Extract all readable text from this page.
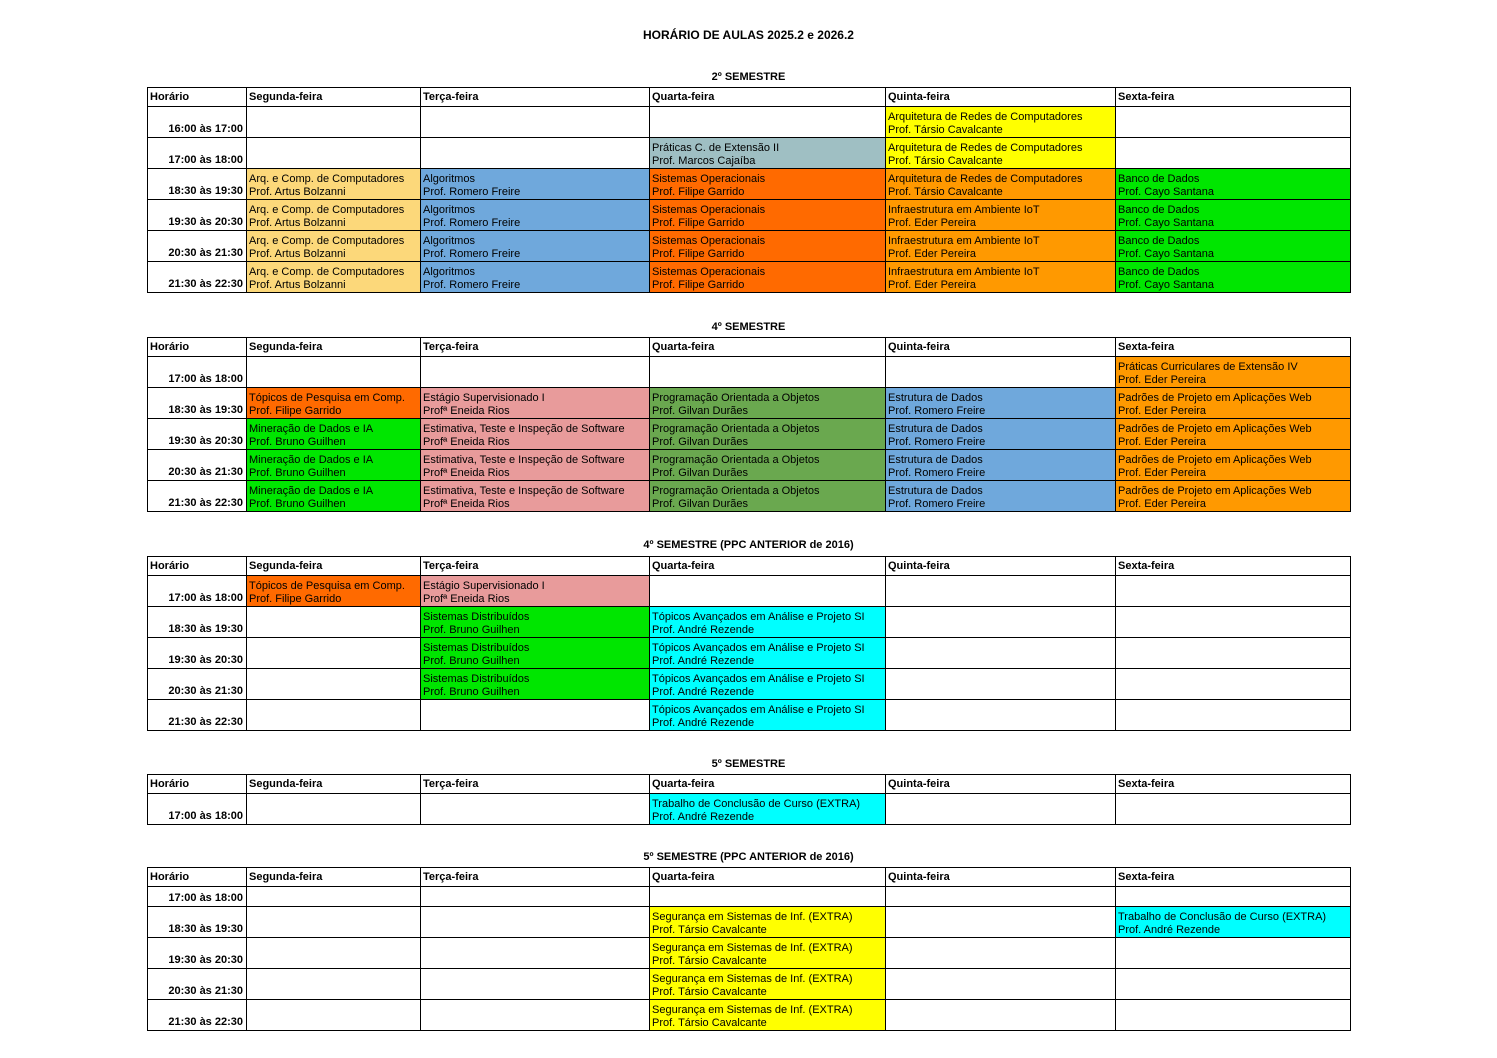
HORÁRIO DE AULAS 2025.2 e 2026.2
2º SEMESTRE
Horário	Segunda-feira	Terça-feira	Quarta-feira	Quinta-feira	Sexta-feira
16:00 às 17:00				Arquitetura de Redes de Computadores
Prof. Társio Cavalcante	

17:00 às 18:00			Práticas C. de Extensão II
Prof. Marcos Cajaíba	Arquitetura de Redes de Computadores
Prof. Társio Cavalcante	

18:30 às 19:30	Arq. e Comp. de Computadores
Prof. Artus Bolzanni	Algoritmos
Prof. Romero Freire	Sistemas Operacionais
Prof. Filipe Garrido	Arquitetura de Redes de Computadores
Prof. Társio Cavalcante	Banco de Dados
Prof. Cayo Santana

19:30 às 20:30	Arq. e Comp. de Computadores
Prof. Artus Bolzanni	Algoritmos
Prof. Romero Freire	Sistemas Operacionais
Prof. Filipe Garrido	Infraestrutura em Ambiente IoT
Prof. Eder Pereira	Banco de Dados
Prof. Cayo Santana

20:30 às 21:30	Arq. e Comp. de Computadores
Prof. Artus Bolzanni	Algoritmos
Prof. Romero Freire	Sistemas Operacionais
Prof. Filipe Garrido	Infraestrutura em Ambiente IoT
Prof. Eder Pereira	Banco de Dados
Prof. Cayo Santana

21:30 às 22:30	Arq. e Comp. de Computadores
Prof. Artus Bolzanni	Algoritmos
Prof. Romero Freire	Sistemas Operacionais
Prof. Filipe Garrido	Infraestrutura em Ambiente IoT
Prof. Eder Pereira	Banco de Dados
Prof. Cayo Santana
4º SEMESTRE
Horário	Segunda-feira	Terça-feira	Quarta-feira	Quinta-feira	Sexta-feira
17:00 às 18:00					Práticas Curriculares de Extensão IV
Prof. Eder Pereira

18:30 às 19:30	Tópicos de Pesquisa em Comp.
Prof. Filipe Garrido	Estágio Supervisionado I
Profª Eneida Rios	Programação Orientada a Objetos
Prof. Gilvan Durães	Estrutura de Dados
Prof. Romero Freire	Padrões de Projeto em Aplicações Web
Prof. Eder Pereira

19:30 às 20:30	Mineração de Dados e IA
Prof. Bruno Guilhen	Estimativa, Teste e Inspeção de Software
Profª Eneida Rios	Programação Orientada a Objetos
Prof. Gilvan Durães	Estrutura de Dados
Prof. Romero Freire	Padrões de Projeto em Aplicações Web
Prof. Eder Pereira

20:30 às 21:30	Mineração de Dados e IA
Prof. Bruno Guilhen	Estimativa, Teste e Inspeção de Software
Profª Eneida Rios	Programação Orientada a Objetos
Prof. Gilvan Durães	Estrutura de Dados
Prof. Romero Freire	Padrões de Projeto em Aplicações Web
Prof. Eder Pereira

21:30 às 22:30	Mineração de Dados e IA
Prof. Bruno Guilhen	Estimativa, Teste e Inspeção de Software
Profª Eneida Rios	Programação Orientada a Objetos
Prof. Gilvan Durães	Estrutura de Dados
Prof. Romero Freire	Padrões de Projeto em Aplicações Web
Prof. Eder Pereira
4º SEMESTRE (PPC ANTERIOR de 2016)
Horário	Segunda-feira	Terça-feira	Quarta-feira	Quinta-feira	Sexta-feira
17:00 às 18:00	Tópicos de Pesquisa em Comp.
Prof. Filipe Garrido	Estágio Supervisionado I
Profª Eneida Rios			

18:30 às 19:30		Sistemas Distribuídos
Prof. Bruno Guilhen	Tópicos Avançados em Análise e Projeto SI
Prof. André Rezende		

19:30 às 20:30		Sistemas Distribuídos
Prof. Bruno Guilhen	Tópicos Avançados em Análise e Projeto SI
Prof. André Rezende		

20:30 às 21:30		Sistemas Distribuídos
Prof. Bruno Guilhen	Tópicos Avançados em Análise e Projeto SI
Prof. André Rezende		

21:30 às 22:30			Tópicos Avançados em Análise e Projeto SI
Prof. André Rezende		

5º SEMESTRE
Horário	Segunda-feira	Terça-feira	Quarta-feira	Quinta-feira	Sexta-feira
17:00 às 18:00			Trabalho de Conclusão de Curso (EXTRA)
Prof. André Rezende		

5º SEMESTRE (PPC ANTERIOR de 2016)
Horário	Segunda-feira	Terça-feira	Quarta-feira	Quinta-feira	Sexta-feira
17:00 às 18:00					
18:30 às 19:30			Segurança em Sistemas de Inf. (EXTRA)
Prof. Társio Cavalcante		Trabalho de Conclusão de Curso (EXTRA)
Prof. André Rezende

19:30 às 20:30			Segurança em Sistemas de Inf. (EXTRA)
Prof. Társio Cavalcante		

20:30 às 21:30			Segurança em Sistemas de Inf. (EXTRA)
Prof. Társio Cavalcante		

21:30 às 22:30			Segurança em Sistemas de Inf. (EXTRA)
Prof. Társio Cavalcante		
